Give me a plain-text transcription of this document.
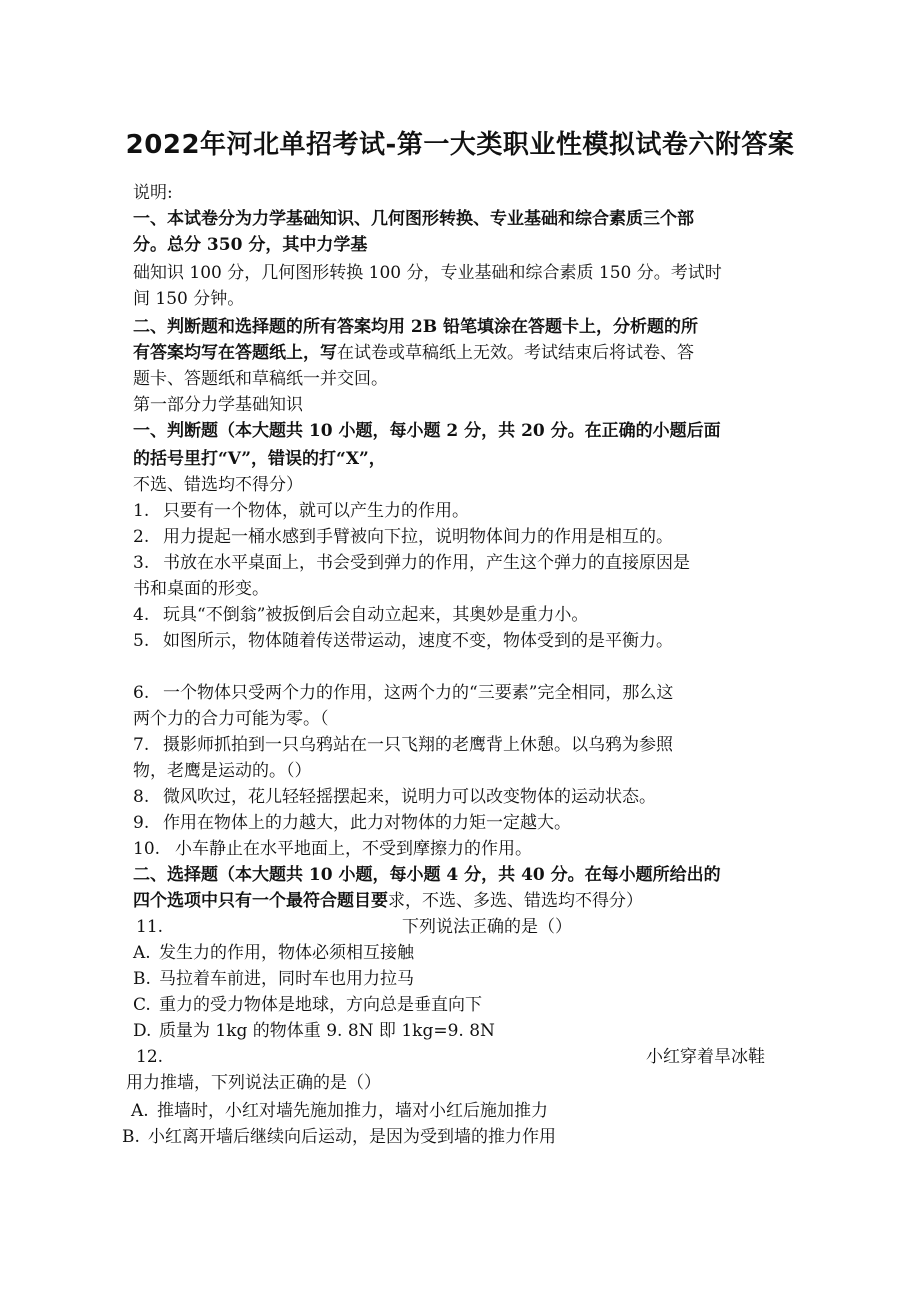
2022年河北单招考试-第一大类职业性模拟试卷六附答案
说明:
一、本试卷分为力学基础知识、几何图形转换、专业基础和综合素质三个部
分。总分 350 分，其中力学基
础知识 100 分，几何图形转换 100 分，专业基础和综合素质 150 分。考试时
间 150 分钟。
二、判断题和选择题的所有答案均用 2B 铅笔填涂在答题卡上，分析题的所
有答案均写在答题纸上，写在试卷或草稿纸上无效。考试结束后将试卷、答
题卡、答题纸和草稿纸一并交回。
第一部分力学基础知识
一、判断题（本大题共 10 小题，每小题 2 分，共 20 分。在正确的小题后面
的括号里打“V”，错误的打“X”，
不选、错选均不得分）
1. 只要有一个物体，就可以产生力的作用。
2. 用力提起一桶水感到手臂被向下拉，说明物体间力的作用是相互的。
3. 书放在水平桌面上，书会受到弹力的作用，产生这个弹力的直接原因是
书和桌面的形变。
4. 玩具“不倒翁”被扳倒后会自动立起来，其奥妙是重力小。
5. 如图所示，物体随着传送带运动，速度不变，物体受到的是平衡力。
6. 一个物体只受两个力的作用，这两个力的“三要素”完全相同，那么这
两个力的合力可能为零。（
7. 摄影师抓拍到一只乌鸦站在一只飞翔的老鹰背上休憩。以乌鸦为参照
物，老鹰是运动的。（）
8. 微风吹过，花儿轻轻摇摆起来，说明力可以改变物体的运动状态。
9. 作用在物体上的力越大，此力对物体的力矩一定越大。
10. 小车静止在水平地面上，不受到摩擦力的作用。
二、选择题（本大题共 10 小题，每小题 4 分，共 40 分。在每小题所给出的
四个选项中只有一个最符合题目要求，不选、多选、错选均不得分）
11.	下列说法正确的是（）
A. 发生力的作用，物体必须相互接触
B. 马拉着车前进，同时车也用力拉马
C. 重力的受力物体是地球，方向总是垂直向下
D. 质量为 1kg 的物体重 9. 8N 即 1kg=9. 8N
12.	小红穿着旱冰鞋
用力推墙，下列说法正确的是（）
A. 推墙时，小红对墙先施加推力，墙对小红后施加推力
B. 小红离开墙后继续向后运动，是因为受到墙的推力作用
